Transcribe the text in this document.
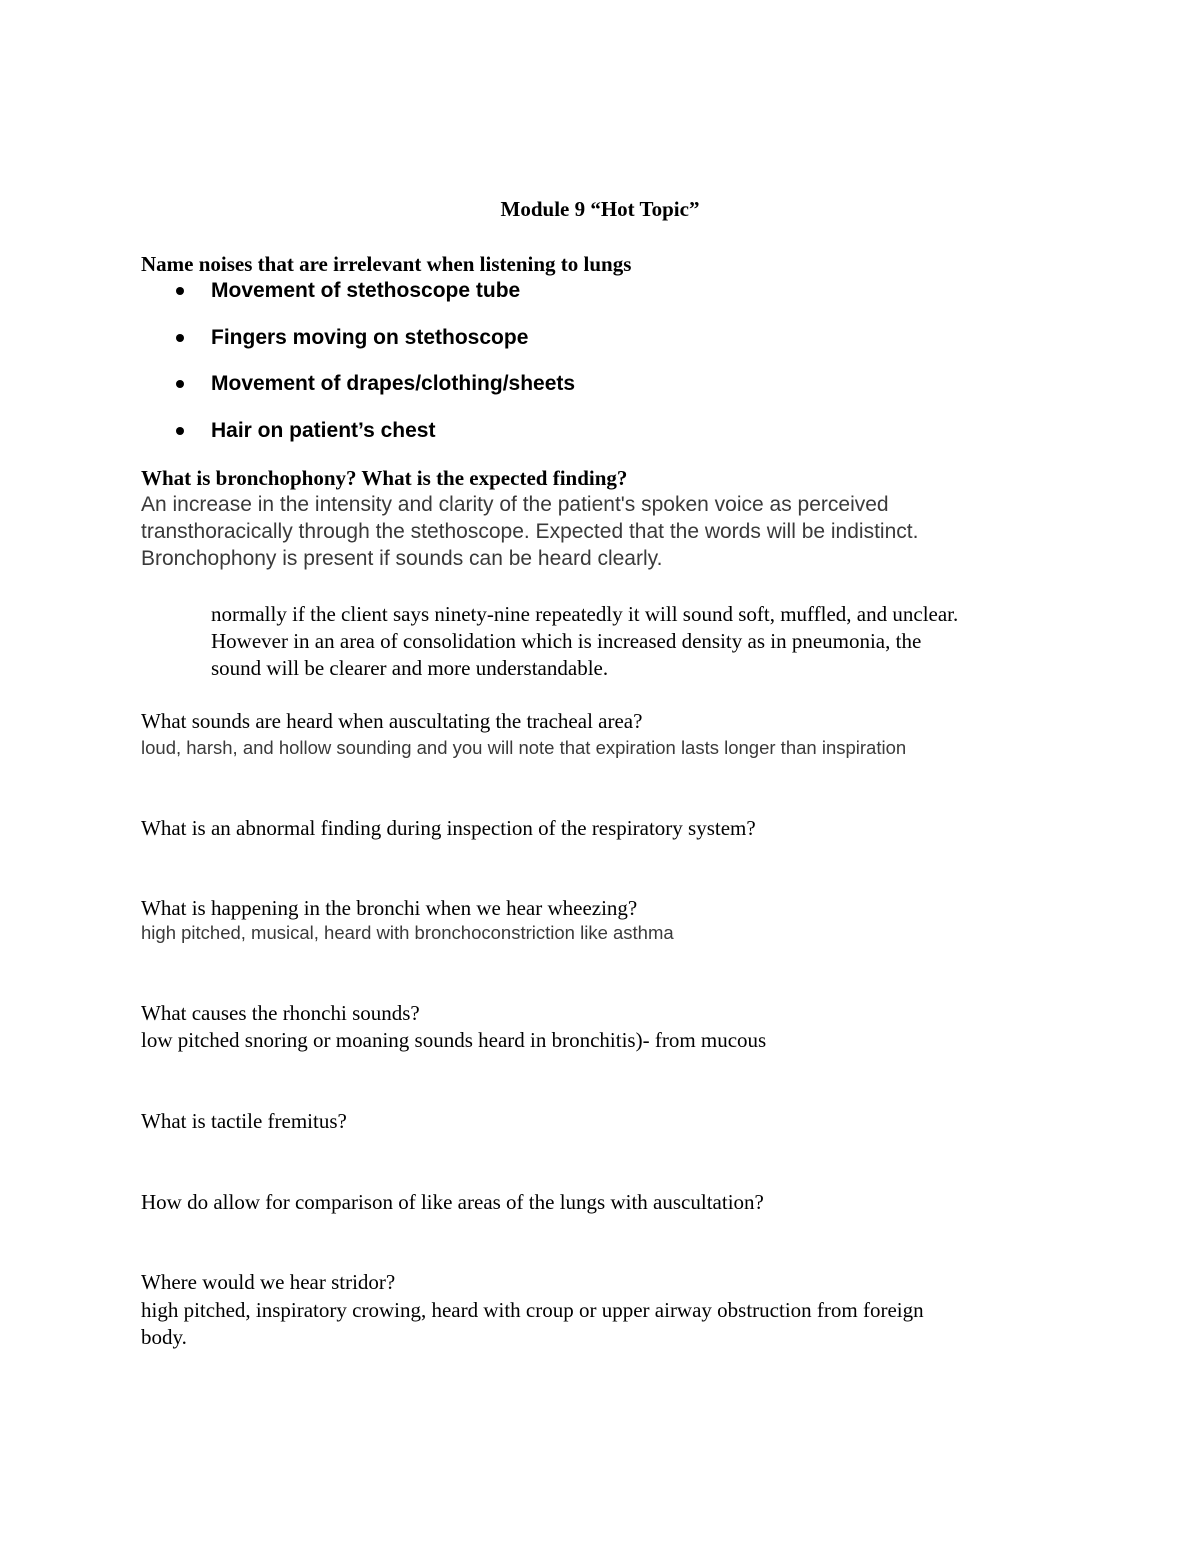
Module 9 “Hot Topic”
Name noises that are irrelevant when listening to lungs
Movement of stethoscope tube
Fingers moving on stethoscope
Movement of drapes/clothing/sheets
Hair on patient’s chest
What is bronchophony? What is the expected finding?
An increase in the intensity and clarity of the patient's spoken voice as perceived
transthoracically through the stethoscope. Expected that the words will be indistinct.
Bronchophony is present if sounds can be heard clearly.
normally if the client says ninety-nine repeatedly it will sound soft, muffled, and unclear.
However in an area of consolidation which is increased density as in pneumonia, the
sound will be clearer and more understandable.
What sounds are heard when auscultating the tracheal area?
loud, harsh, and hollow sounding and you will note that expiration lasts longer than inspiration
What is an abnormal finding during inspection of the respiratory system?
What is happening in the bronchi when we hear wheezing?
high pitched, musical, heard with bronchoconstriction like asthma
What causes the rhonchi sounds?
low pitched snoring or moaning sounds heard in bronchitis)- from mucous
What is tactile fremitus?
How do allow for comparison of like areas of the lungs with auscultation?
Where would we hear stridor?
high pitched, inspiratory crowing, heard with croup or upper airway obstruction from foreign
body.
